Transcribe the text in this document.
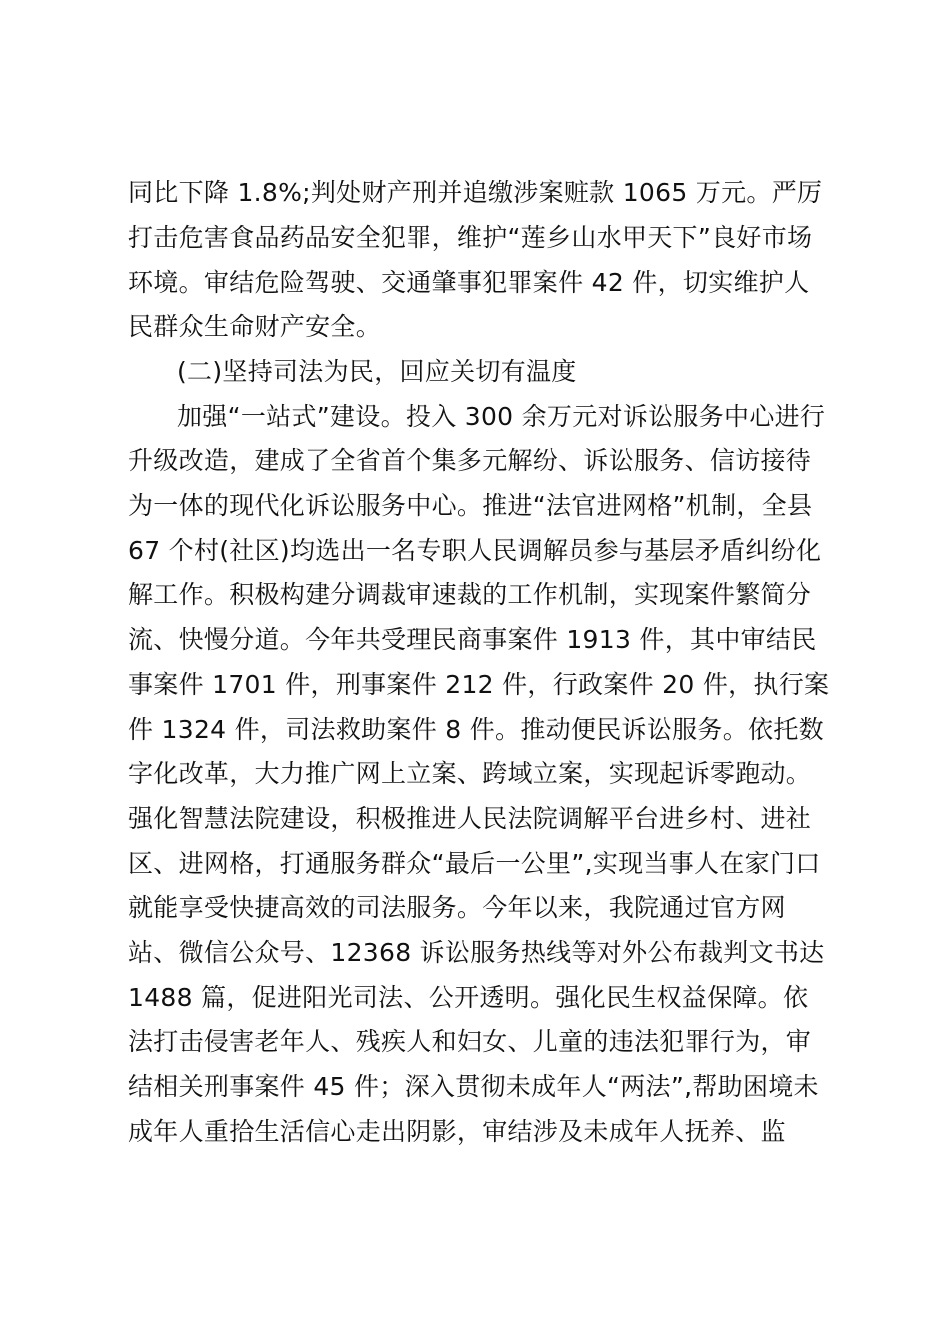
同比下降 1.8%;判处财产刑并追缴涉案赃款 1065 万元。严厉
打击危害食品药品安全犯罪，维护“莲乡山水甲天下”良好市场
环境。审结危险驾驶、交通肇事犯罪案件 42 件，切实维护人
民群众生命财产安全。
(二)坚持司法为民，回应关切有温度
加强“一站式”建设。投入 300 余万元对诉讼服务中心进行
升级改造，建成了全省首个集多元解纷、诉讼服务、信访接待
为一体的现代化诉讼服务中心。推进“法官进网格”机制，全县
67 个村(社区)均选出一名专职人民调解员参与基层矛盾纠纷化
解工作。积极构建分调裁审速裁的工作机制，实现案件繁简分
流、快慢分道。今年共受理民商事案件 1913 件，其中审结民
事案件 1701 件，刑事案件 212 件，行政案件 20 件，执行案
件 1324 件，司法救助案件 8 件。推动便民诉讼服务。依托数
字化改革，大力推广网上立案、跨域立案，实现起诉零跑动。
强化智慧法院建设，积极推进人民法院调解平台进乡村、进社
区、进网格，打通服务群众“最后一公里”,实现当事人在家门口
就能享受快捷高效的司法服务。今年以来，我院通过官方网
站、微信公众号、12368 诉讼服务热线等对外公布裁判文书达
1488 篇，促进阳光司法、公开透明。强化民生权益保障。依
法打击侵害老年人、残疾人和妇女、儿童的违法犯罪行为，审
结相关刑事案件 45 件；深入贯彻未成年人“两法”,帮助困境未
成年人重拾生活信心走出阴影，审结涉及未成年人抚养、监
